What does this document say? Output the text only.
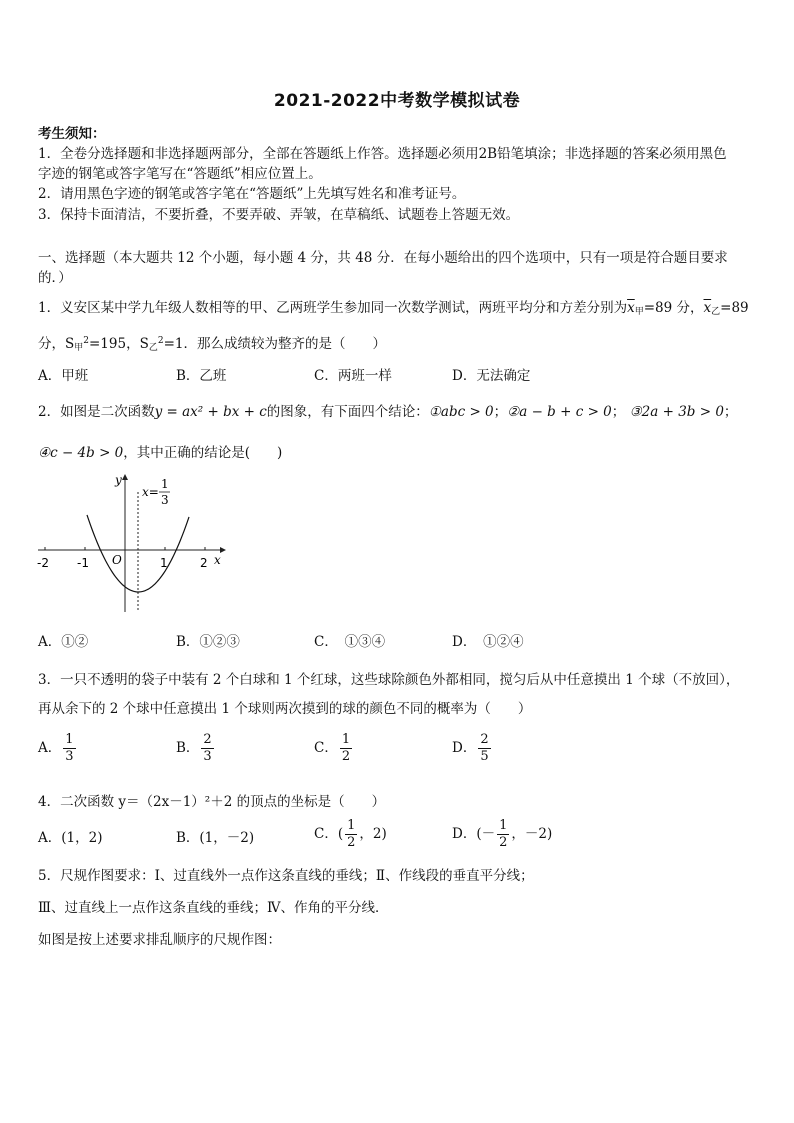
2021-2022中考数学模拟试卷
考生须知：
1．全卷分选择题和非选择题两部分，全部在答题纸上作答。选择题必须用2B铅笔填涂；非选择题的答案必须用黑色
字迹的钢笔或答字笔写在“答题纸”相应位置上。
2．请用黑色字迹的钢笔或答字笔在“答题纸”上先填写姓名和准考证号。
3．保持卡面清洁，不要折叠，不要弄破、弄皱，在草稿纸、试题卷上答题无效。
一、选择题（本大题共 12 个小题，每小题 4 分，共 48 分．在每小题给出的四个选项中，只有一项是符合题目要求
的．）
1．义安区某中学九年级人数相等的甲、乙两班学生参加同一次数学测试，两班平均分和方差分别为$\overline{x}_甲=89$ 分，$\overline{x}_乙=89$
分，$S_甲^2=195$，$S_乙^2=1$．那么成绩较为整齐的是（　　）
A．甲班	B．乙班	C．两班一样	D．无法确定
2．如图是二次函数y = ax² + bx + c的图象，有下面四个结论：①abc > 0；②a − b + c > 0； ③2a + 3b > 0；
④c − 4b > 0，其中正确的结论是(　　)
-2 -1	1	2
O	x
y
x=
1
3
A．①②	B．①②③	C．　①③④	D．　①②④
3．一只不透明的袋子中装有 2 个白球和 1 个红球，这些球除颜色外都相同，搅匀后从中任意摸出 1 个球（不放回），
再从余下的 2 个球中任意摸出 1 个球则两次摸到的球的颜色不同的概率为（　　）
A． $\frac{1}{3}$	B． $\frac{2}{3}$	C． $\frac{1}{2}$	D． $\frac{2}{5}$
4．二次函数 y＝（2x－1）²＋2 的顶点的坐标是（　　）
A．(1，2)	B．(1，－2)	C．( $\frac{1}{2}$ ，2)	D．(－ $\frac{1}{2}$ ，－2)
5．尺规作图要求：Ⅰ、过直线外一点作这条直线的垂线；Ⅱ、作线段的垂直平分线；
Ⅲ、过直线上一点作这条直线的垂线；Ⅳ、作角的平分线．
如图是按上述要求排乱顺序的尺规作图：
